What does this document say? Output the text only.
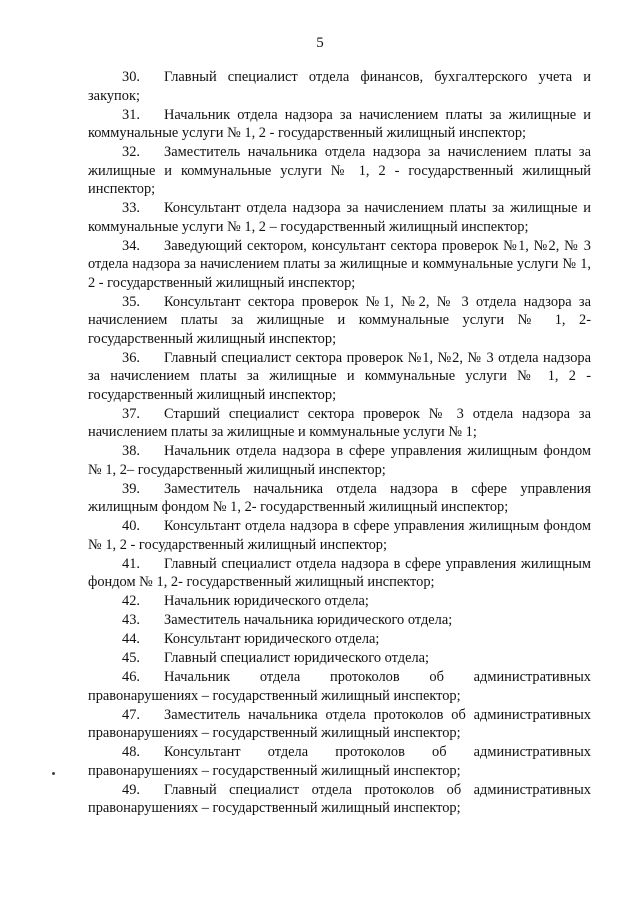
5

30. Главный специалист отдела финансов, бухгалтерского учета и закупок;

31. Начальник отдела надзора за начислением платы за жилищные и коммунальные услуги № 1, 2 - государственный жилищный инспектор;

32. Заместитель начальника отдела надзора за начислением платы за жилищные и коммунальные услуги № 1, 2 - государственный жилищный инспектор;

33. Консультант отдела надзора за начислением платы за жилищные и коммунальные услуги № 1, 2 – государственный жилищный инспектор;

34. Заведующий сектором, консультант сектора проверок №1, №2, № 3 отдела надзора за начислением платы за жилищные и коммунальные услуги № 1, 2 - государственный жилищный инспектор;

35. Консультант сектора проверок №1, №2, № 3 отдела надзора за начислением платы за жилищные и коммунальные услуги № 1, 2-государственный жилищный инспектор;

36. Главный специалист сектора проверок №1, №2, № 3 отдела надзора за начислением платы за жилищные и коммунальные услуги № 1, 2 - государственный жилищный инспектор;

37. Старший специалист сектора проверок № 3 отдела надзора за начислением платы за жилищные и коммунальные услуги № 1;

38. Начальник отдела надзора в сфере управления жилищным фондом № 1, 2– государственный жилищный инспектор;

39. Заместитель начальника отдела надзора в сфере управления жилищным фондом № 1, 2- государственный жилищный инспектор;

40. Консультант отдела надзора в сфере управления жилищным фондом № 1, 2 - государственный жилищный инспектор;

41. Главный специалист отдела надзора в сфере управления жилищным фондом № 1, 2- государственный жилищный инспектор;

42. Начальник юридического отдела;

43. Заместитель начальника юридического отдела;

44. Консультант юридического отдела;

45. Главный специалист юридического отдела;

46. Начальник отдела протоколов об административных правонарушениях – государственный жилищный инспектор;

47. Заместитель начальника отдела протоколов об административных правонарушениях – государственный жилищный инспектор;

48. Консультант отдела протоколов об административных правонарушениях – государственный жилищный инспектор;

49. Главный специалист отдела протоколов об административных правонарушениях – государственный жилищный инспектор;
